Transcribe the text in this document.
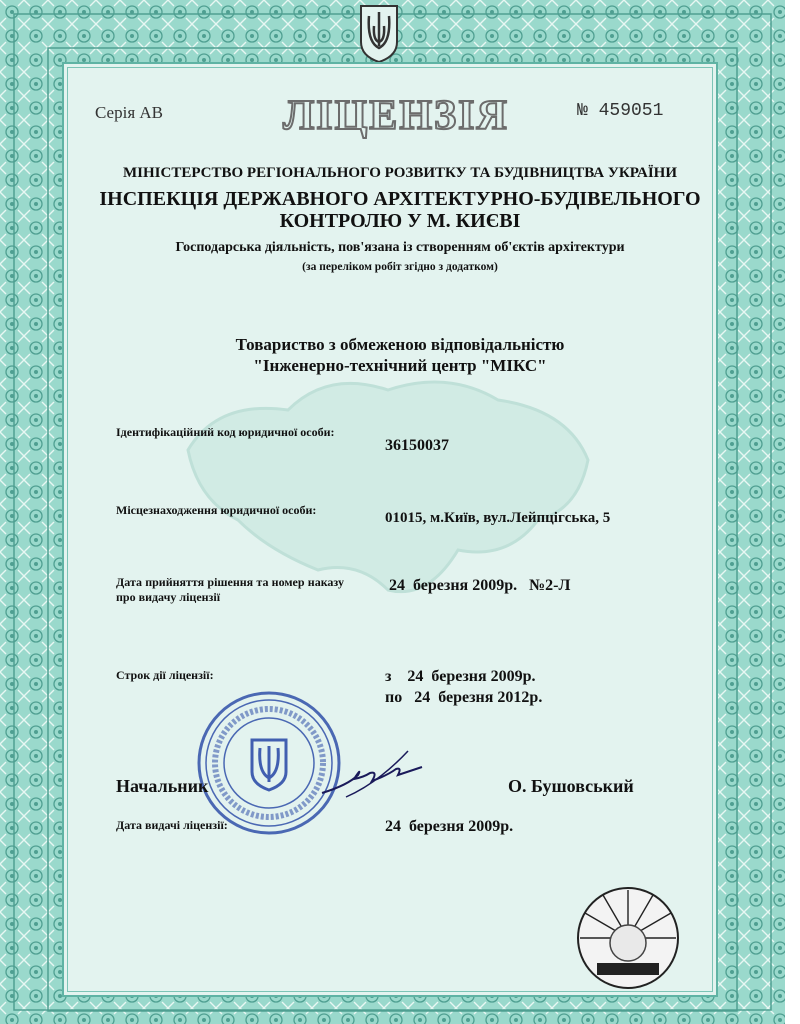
Серія АВ	ЛІЦЕНЗІЯ	№ 459051
МІНІСТЕРСТВО РЕГІОНАЛЬНОГО РОЗВИТКУ ТА БУДІВНИЦТВА УКРАЇНИ
ІНСПЕКЦІЯ ДЕРЖАВНОГО АРХІТЕКТУРНО-БУДІВЕЛЬНОГО
КОНТРОЛЮ У М. КИЄВІ
Господарська діяльність, пов'язана із створенням об'єктів архітектури
(за переліком робіт згідно з додатком)
Товариство з обмеженою відповідальністю
"Інженерно-технічний центр "МІКС"
Ідентифікаційний код юридичної особи:
36150037
Місцезнаходження юридичної особи:	01015, м.Київ, вул.Лейпцігська, 5
Дата прийняття рішення та номер наказу про видачу ліцензії
24  березня 2009р.   №2-Л
Строк дії ліцензії:	з    24  березня 2009р.
по   24  березня 2012р.
Начальник	О. Бушовський
Дата видачі ліцензії:	24  березня 2009р.
